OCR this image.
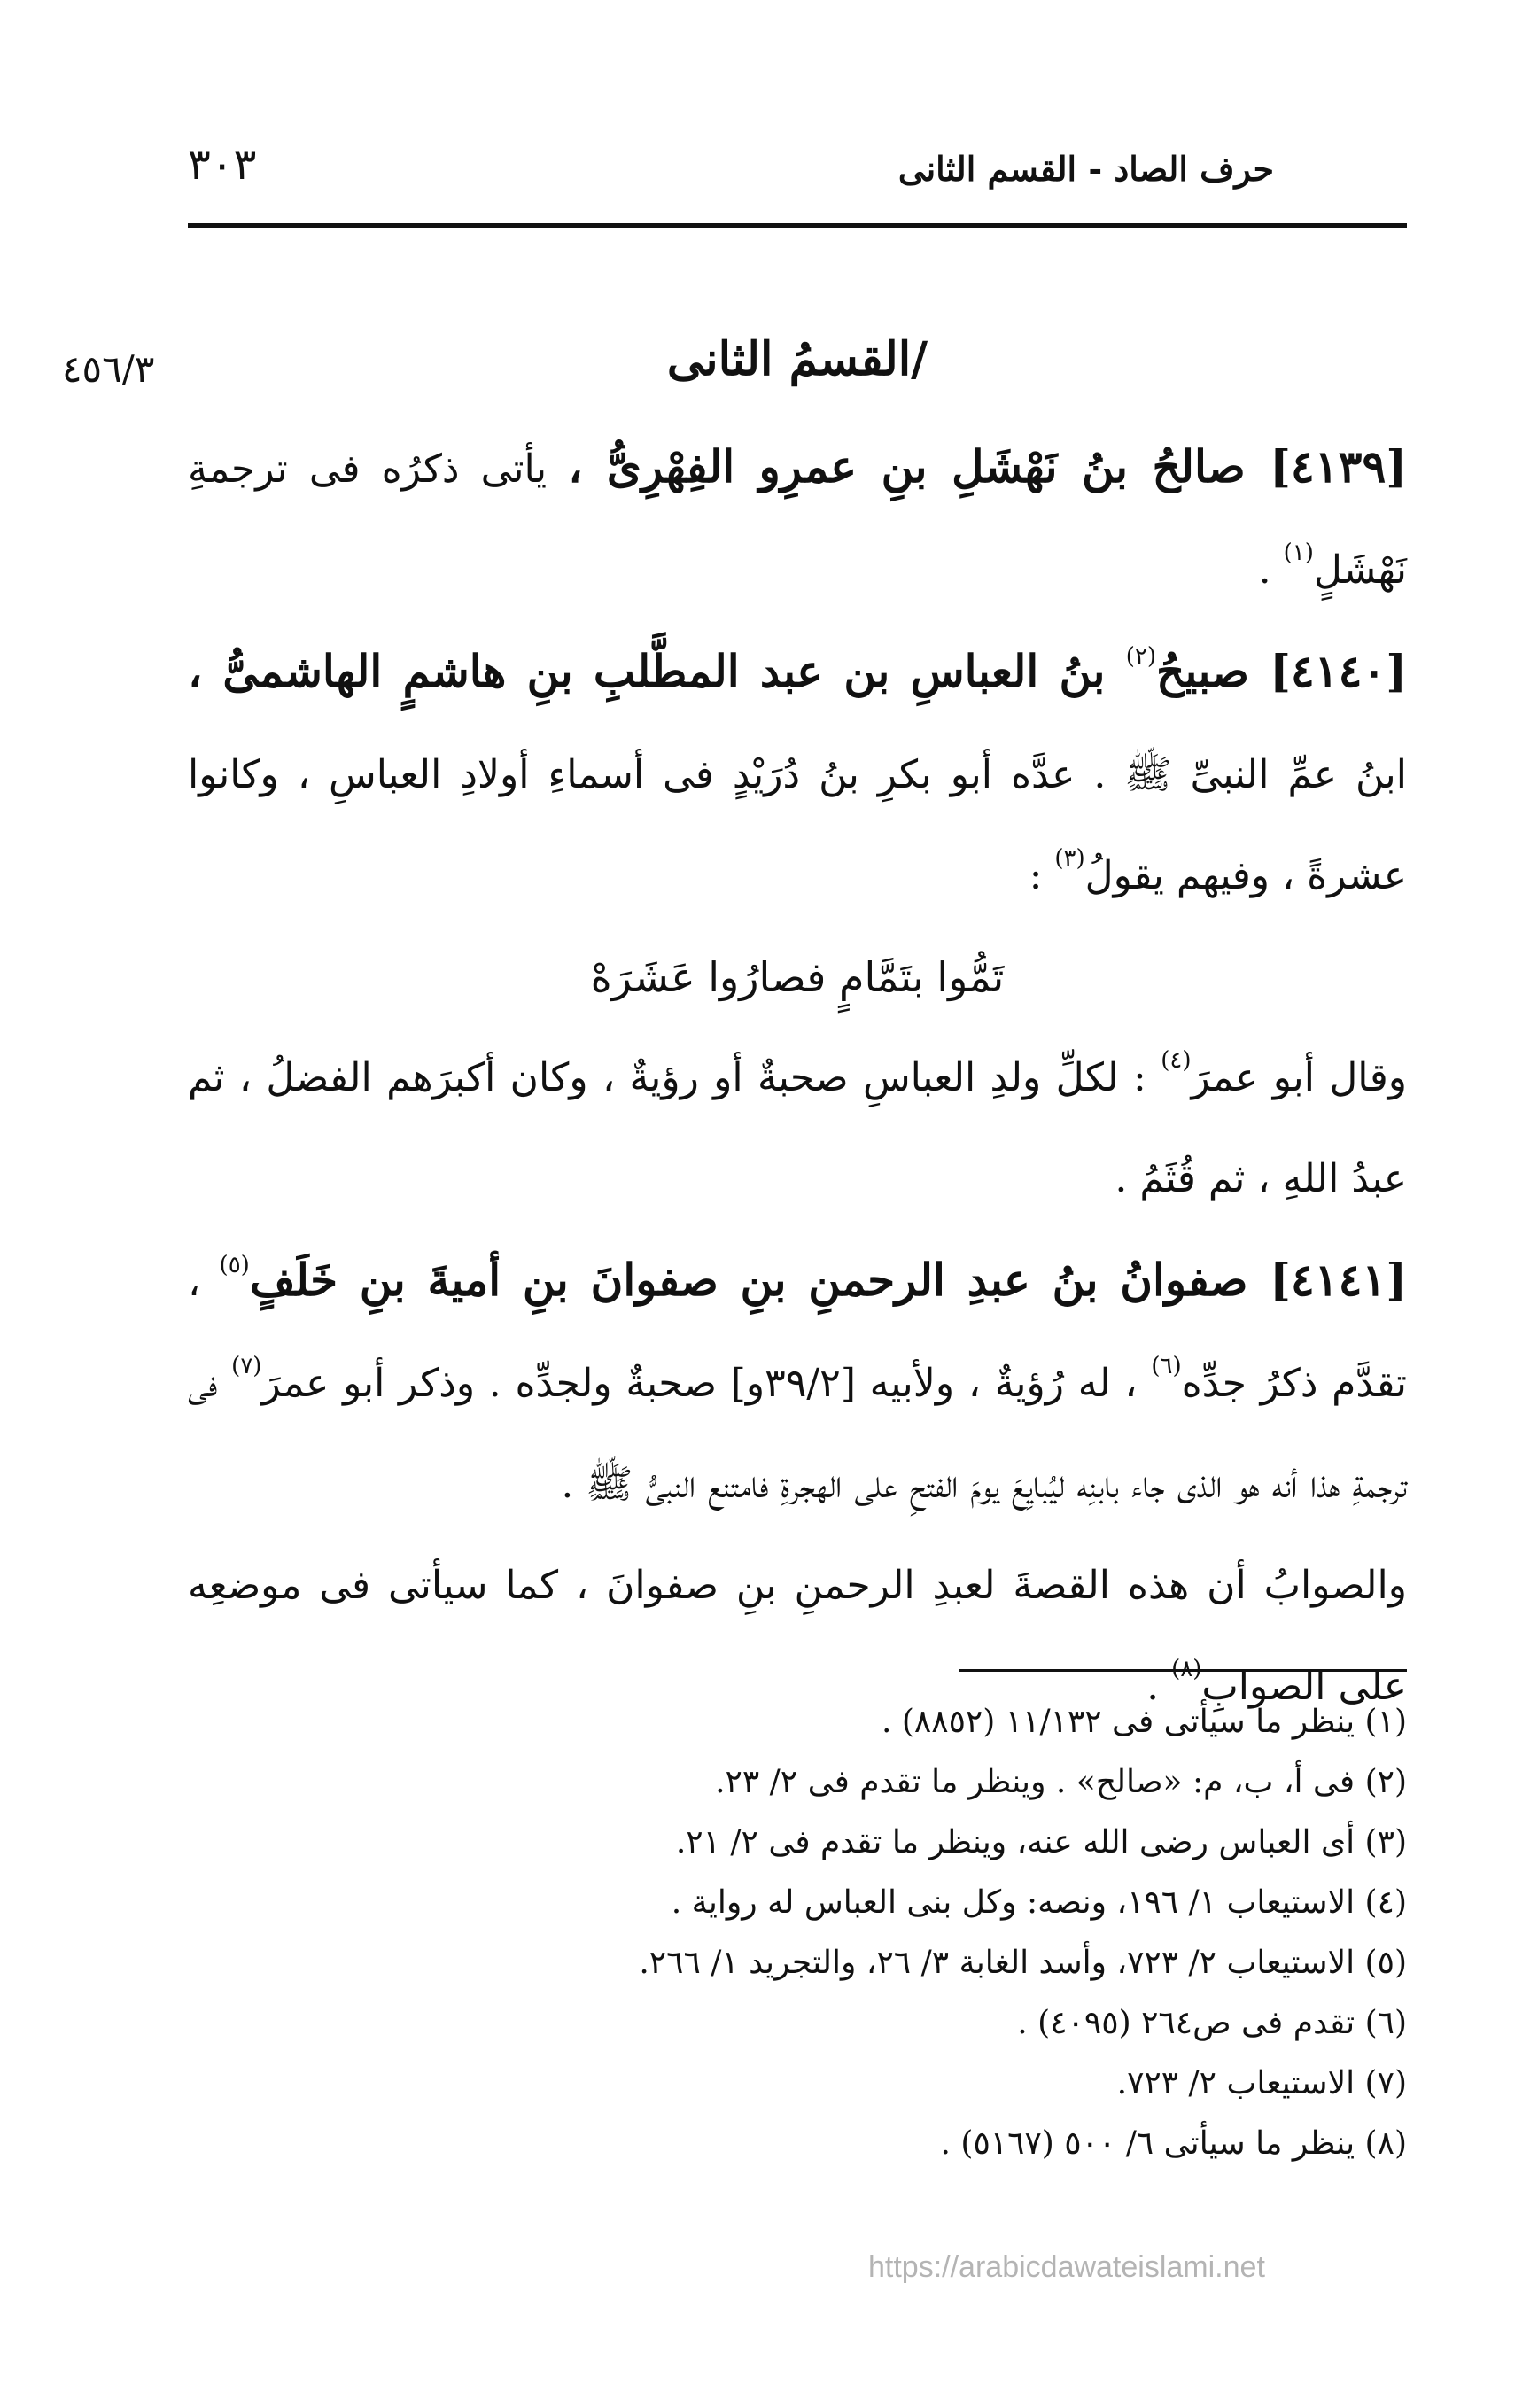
حرف الصاد - القسم الثانى
٣٠٣
٤٥٦/٣	/القسمُ الثانى

[٤١٣٩] صالحُ بنُ نَهْشَلِ بنِ عمرِو الفِهْرِىُّ ، يأتى ذكرُه فى ترجمةِ نَهْشَلٍ$^{(١)}$ .

[٤١٤٠] صبيحُ$^{(٢)}$ بنُ العباسِ بن عبد المطَّلبِ بنِ هاشمٍ الهاشمىُّ ، ابنُ عمِّ النبىِّ ﷺ . عدَّه أبو بكرِ بنُ دُرَيْدٍ فى أسماءِ أولادِ العباسِ ، وكانوا عشرةً ، وفيهم يقولُ$^{(٣)}$ :

تَمُّوا بتَمَّامٍ فصارُوا عَشَرَهْ

وقال أبو عمرَ$^{(٤)}$ : لكلِّ ولدِ العباسِ صحبةٌ أو رؤيةٌ ، وكان أكبرَهم الفضلُ ، ثم عبدُ اللهِ ، ثم قُثَمُ .

[٤١٤١] صفوانُ بنُ عبدِ الرحمنِ بنِ صفوانَ بنِ أميةَ بنِ خَلَفٍ$^{(٥)}$ ، تقدَّم ذكرُ جدِّه$^{(٦)}$ ، له رُؤيةٌ ، ولأبيه [٣٩/٢و] صحبةٌ ولجدِّه . وذكر أبو عمرَ$^{(٧)}$ فى ترجمةِ هذا أنه هو الذى جاء بابنِه ليُبايِعَ يومَ الفتحِ على الهجرةِ فامتنع النبىُّ ﷺ .

والصوابُ أن هذه القصةَ لعبدِ الرحمنِ بنِ صفوانَ ، كما سيأتى فى موضعِه على الصوابِ$^{(٨)}$ .

(١) ينظر ما سيأتى فى ١١/١٣٢ (٨٨٥٢) .

(٢) فى أ، ب، م: «صالح» . وينظر ما تقدم فى ٢/ ٢٣.

(٣) أى العباس رضى الله عنه، وينظر ما تقدم فى ٢/ ٢١.

(٤) الاستيعاب ١/ ١٩٦، ونصه: وكل بنى العباس له رواية .

(٥) الاستيعاب ٢/ ٧٢٣، وأسد الغابة ٣/ ٢٦، والتجريد ١/ ٢٦٦.

(٦) تقدم فى ص٢٦٤ (٤٠٩٥) .

(٧) الاستيعاب ٢/ ٧٢٣.

(٨) ينظر ما سيأتى ٦/ ٥٠٠ (٥١٦٧) .

https://arabicdawateislami.net
